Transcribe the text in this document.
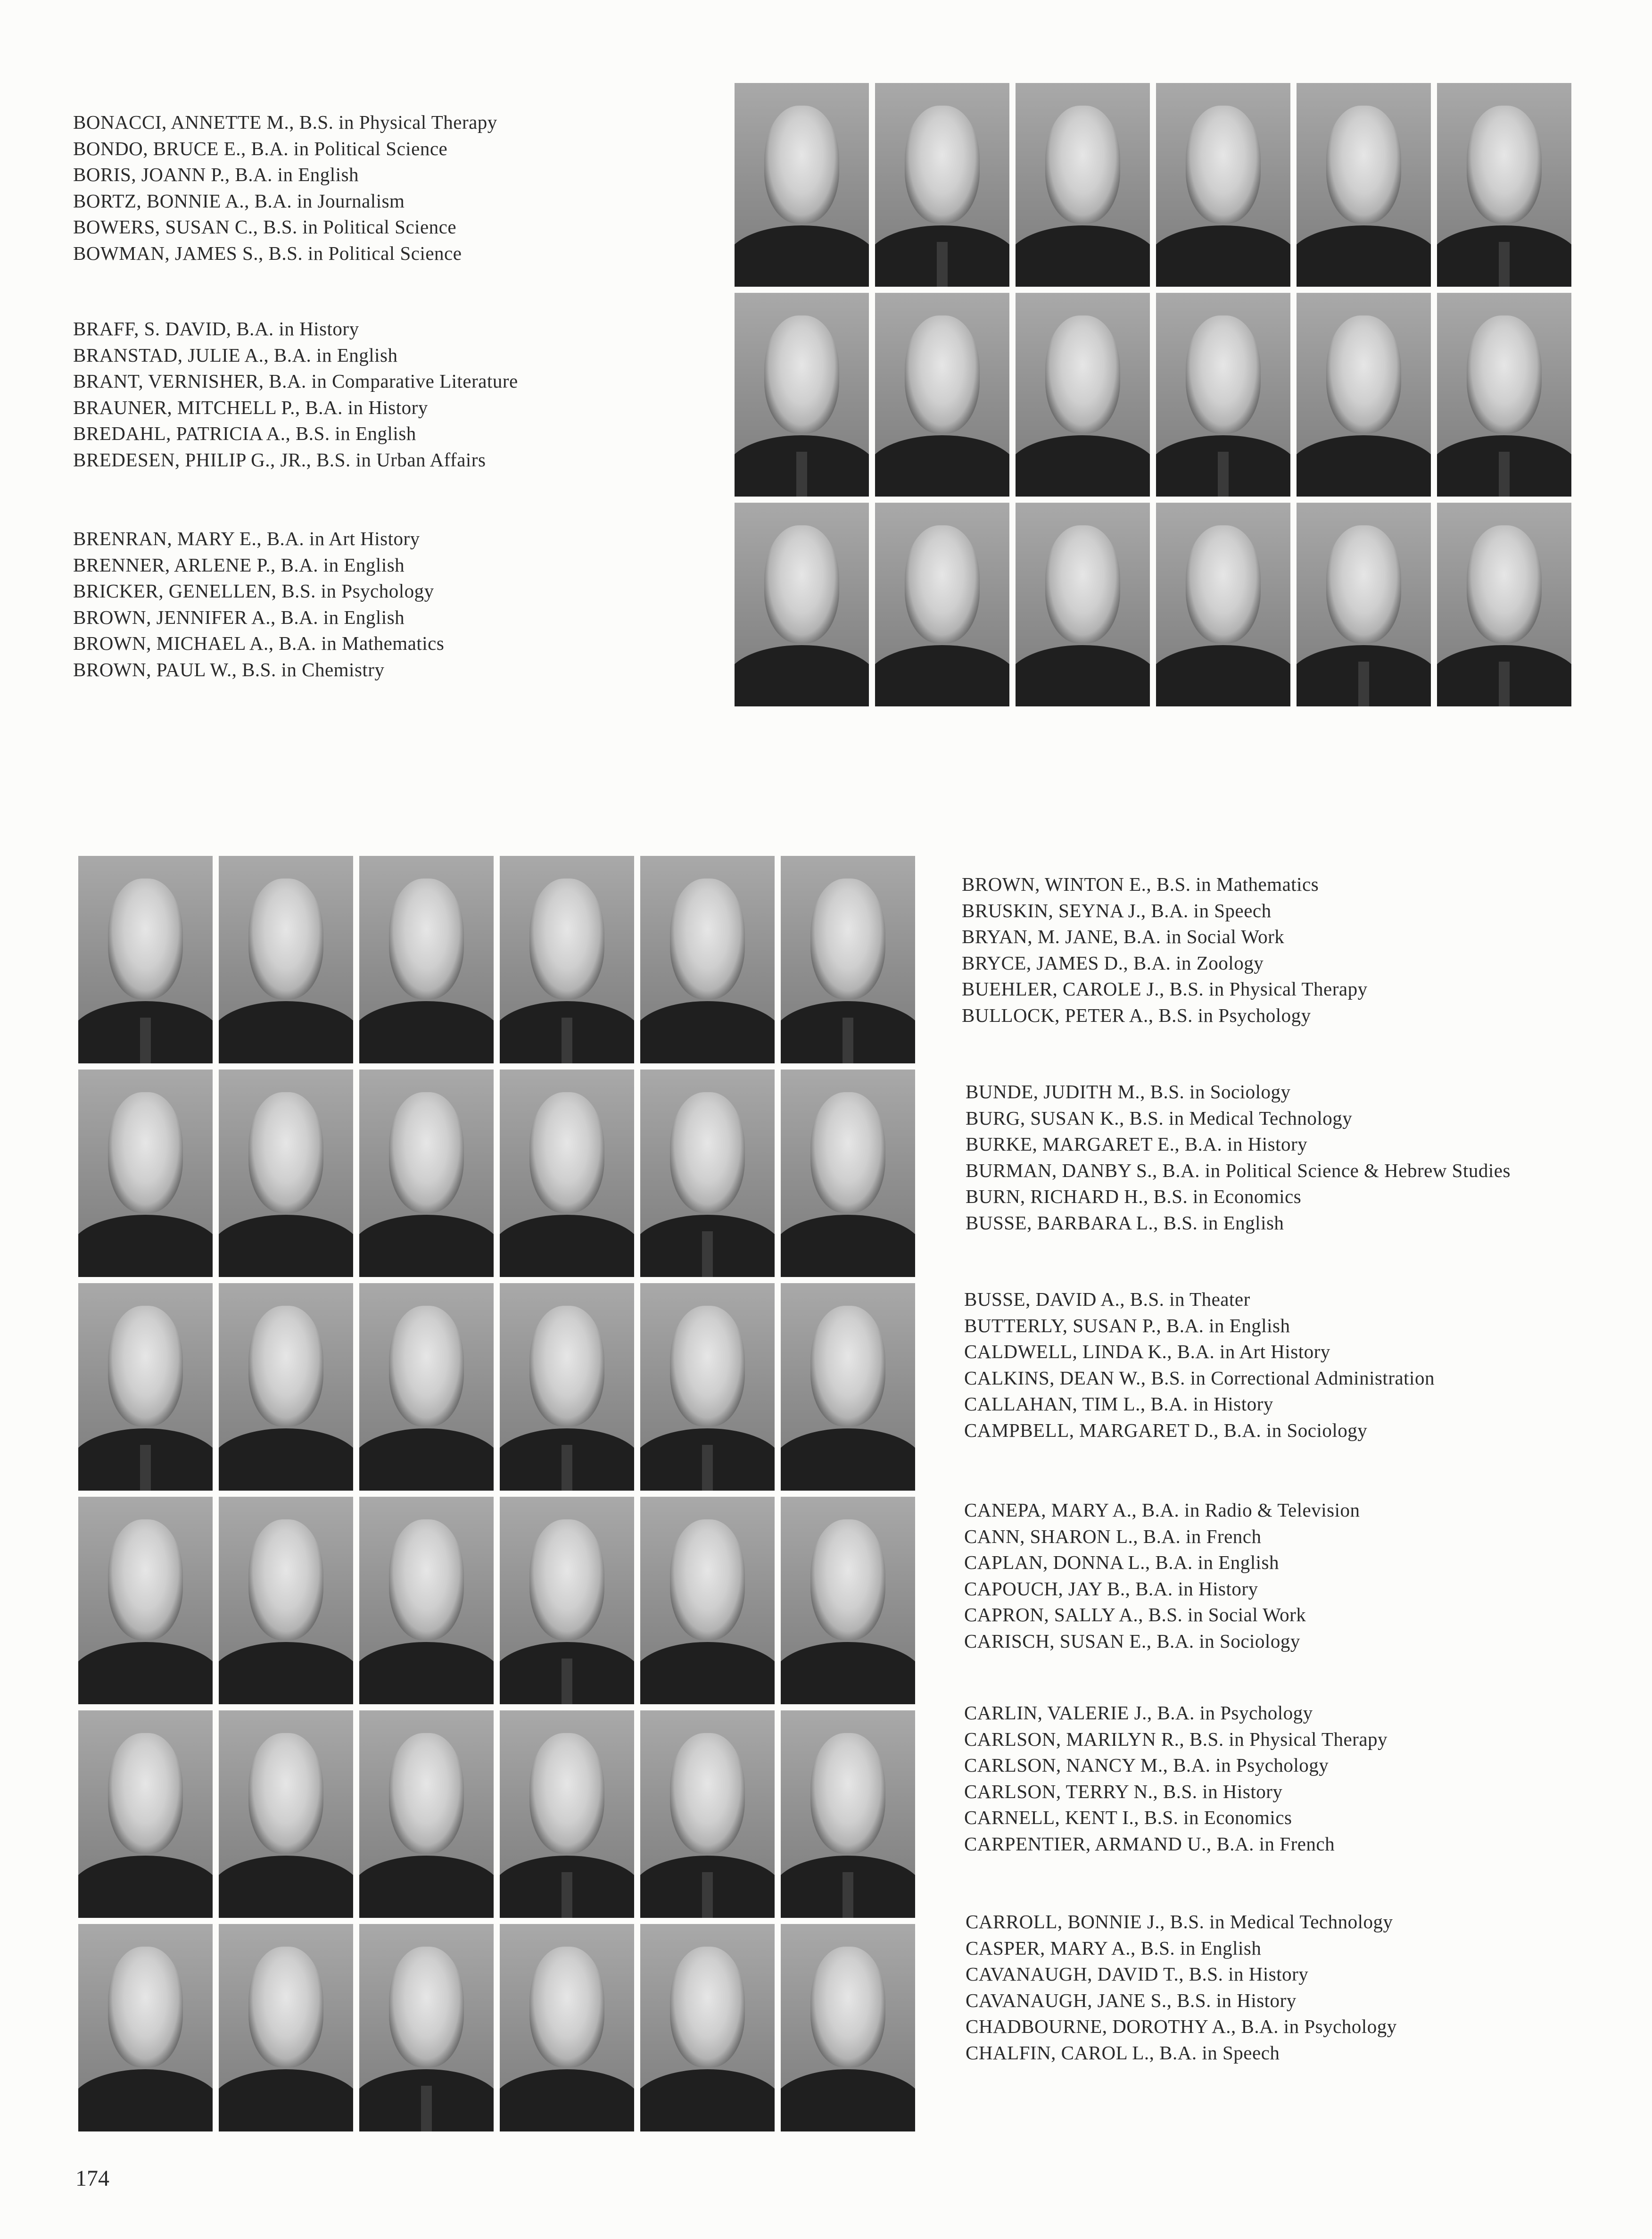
BONACCI, ANNETTE M., B.S. in Physical Therapy
BONDO, BRUCE E., B.A. in Political Science
BORIS, JOANN P., B.A. in English
BORTZ, BONNIE A., B.A. in Journalism
BOWERS, SUSAN C., B.S. in Political Science
BOWMAN, JAMES S., B.S. in Political Science
BRAFF, S. DAVID, B.A. in History
BRANSTAD, JULIE A., B.A. in English
BRANT, VERNISHER, B.A. in Comparative Literature
BRAUNER, MITCHELL P., B.A. in History
BREDAHL, PATRICIA A., B.S. in English
BREDESEN, PHILIP G., JR., B.S. in Urban Affairs
BRENRAN, MARY E., B.A. in Art History
BRENNER, ARLENE P., B.A. in English
BRICKER, GENELLEN, B.S. in Psychology
BROWN, JENNIFER A., B.A. in English
BROWN, MICHAEL A., B.A. in Mathematics
BROWN, PAUL W., B.S. in Chemistry
BROWN, WINTON E., B.S. in Mathematics
BRUSKIN, SEYNA J., B.A. in Speech
BRYAN, M. JANE, B.A. in Social Work
BRYCE, JAMES D., B.A. in Zoology
BUEHLER, CAROLE J., B.S. in Physical Therapy
BULLOCK, PETER A., B.S. in Psychology
BUNDE, JUDITH M., B.S. in Sociology
BURG, SUSAN K., B.S. in Medical Technology
BURKE, MARGARET E., B.A. in History
BURMAN, DANBY S., B.A. in Political Science & Hebrew Studies
BURN, RICHARD H., B.S. in Economics
BUSSE, BARBARA L., B.S. in English
BUSSE, DAVID A., B.S. in Theater
BUTTERLY, SUSAN P., B.A. in English
CALDWELL, LINDA K., B.A. in Art History
CALKINS, DEAN W., B.S. in Correctional Administration
CALLAHAN, TIM L., B.A. in History
CAMPBELL, MARGARET D., B.A. in Sociology
CANEPA, MARY A., B.A. in Radio & Television
CANN, SHARON L., B.A. in French
CAPLAN, DONNA L., B.A. in English
CAPOUCH, JAY B., B.A. in History
CAPRON, SALLY A., B.S. in Social Work
CARISCH, SUSAN E., B.A. in Sociology
CARLIN, VALERIE J., B.A. in Psychology
CARLSON, MARILYN R., B.S. in Physical Therapy
CARLSON, NANCY M., B.A. in Psychology
CARLSON, TERRY N., B.S. in History
CARNELL, KENT I., B.S. in Economics
CARPENTIER, ARMAND U., B.A. in French
CARROLL, BONNIE J., B.S. in Medical Technology
CASPER, MARY A., B.S. in English
CAVANAUGH, DAVID T., B.S. in History
CAVANAUGH, JANE S., B.S. in History
CHADBOURNE, DOROTHY A., B.A. in Psychology
CHALFIN, CAROL L., B.A. in Speech
174
